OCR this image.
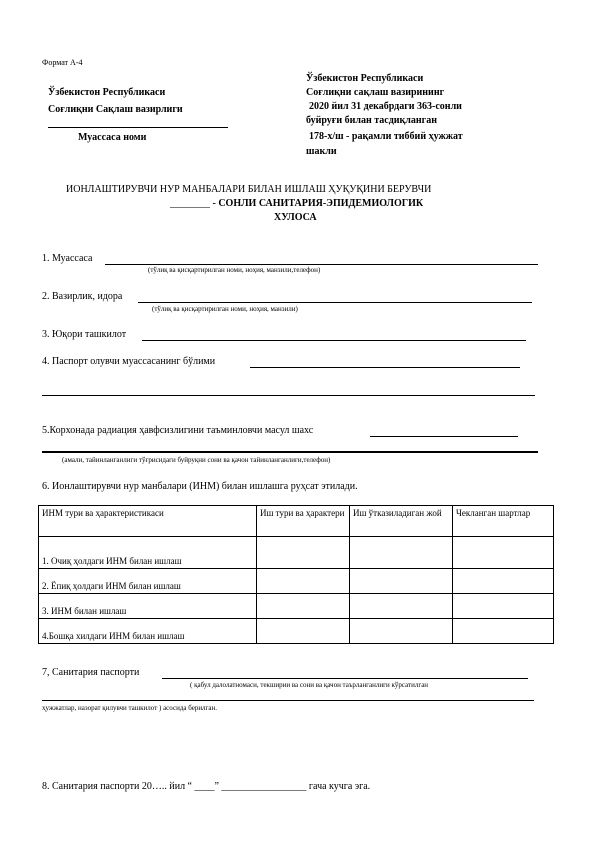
Формат А-4
Ўзбекистон Республикаси
Соғлиқни Сақлаш вазирлиги
Муассаса номи
Ўзбекистон Республикаси
Соғлиқни сақлаш вазирининг
2020 йил 31 декабрдаги 363-сонли
буйруғи билан тасдиқланган
178-х/ш - рақамли тиббий ҳужжат
шакли
ИОНЛАШТИРУВЧИ НУР МАНБАЛАРИ БИЛАН ИШЛАШ ҲУҚУҚИНИ БЕРУВЧИ
________ - СОНЛИ САНИТАРИЯ-ЭПИДЕМИОЛОГИК
ХУЛОСА
1. Муассаса
(тўлиқ ва қисқартирилган номи, ноҳия, манзили,телефон)
2. Вазирлик, идора
(тўлиқ ва қисқартирилган номи, ноҳия, манзили)
3. Юқори ташкилот
4. Паспорт олувчи муассасанинг бўлими
5.Корхонада радиация ҳавфсизлигини таъминловчи масул шахс
(амали, тайинланганлиги тўғрисидаги буйруқни сони ва қачон тайинланганлиги,телефон)
6. Ионлаштирувчи нур манбалари (ИНМ) билан ишлашга руҳсат этилади.
ИНМ тури ва ҳарактеристикаси	Иш тури ва ҳарактери	Иш ўтказиладиган жой	Чекланган шартлар
1. Очиқ ҳолдаги ИНМ билан ишлаш			
2. Ёпиқ ҳолдаги ИНМ билан ишлаш			
3. ИНМ билан ишлаш			
4.Бошқа хилдаги ИНМ билан ишлаш			
7, Санитария паспорти
( қабул далолатномаси, текширии ва сони ва қачон таърланганлиги кўрсатилган
ҳужжатлар, назорат қилувчи ташкилот ) асосида берилган.
8. Санитария паспорти 20….. йил “ ____” _________________ гача кучга эга.
